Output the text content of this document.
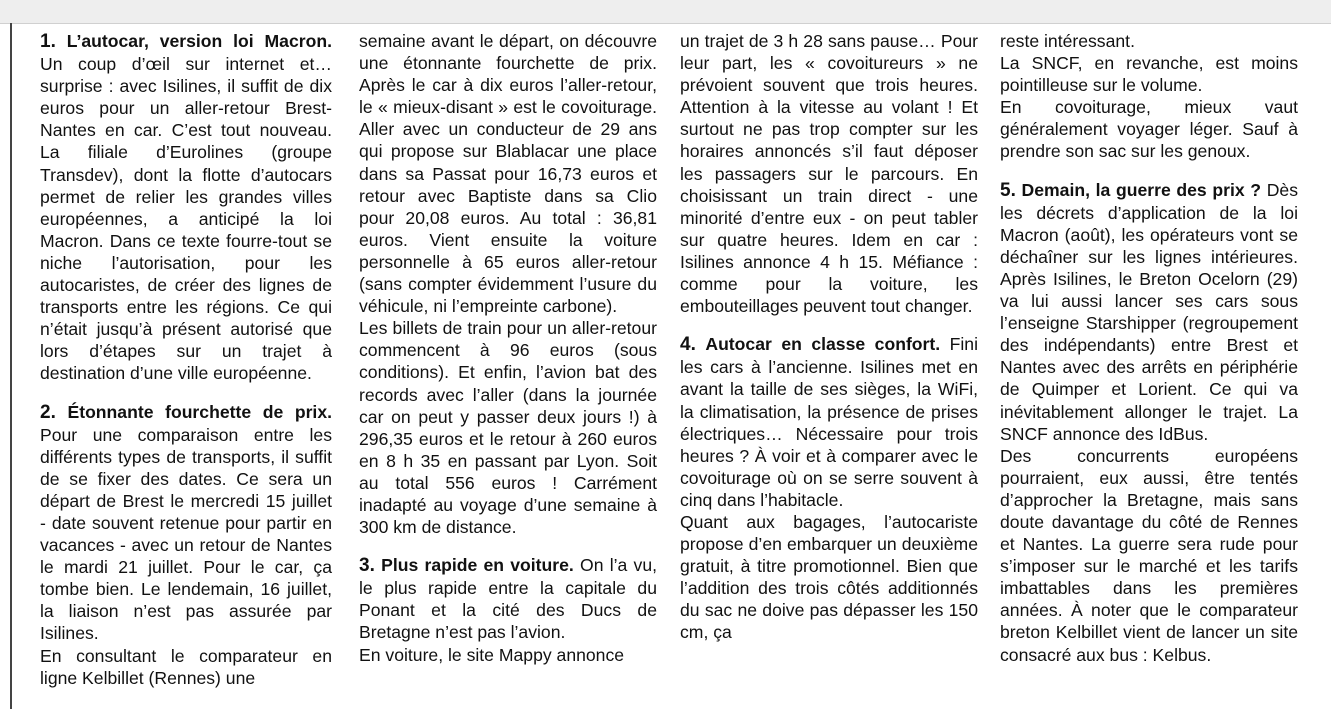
1. L’autocar, version loi Macron. Un coup d’œil sur internet et… surprise : avec Isilines, il suffit de dix euros pour un aller-retour Brest-Nantes en car. C’est tout nouveau. La filiale d’Eurolines (groupe Transdev), dont la flotte d’autocars permet de relier les grandes villes européennes, a anticipé la loi Macron. Dans ce texte fourre-tout se niche l’autorisation, pour les autocaristes, de créer des lignes de transports entre les régions. Ce qui n’était jusqu’à présent autorisé que lors d’étapes sur un trajet à destination d’une ville européenne.

2. Étonnante fourchette de prix. Pour une comparaison entre les différents types de transports, il suffit de se fixer des dates. Ce sera un départ de Brest le mercredi 15 juillet - date souvent retenue pour partir en vacances - avec un retour de Nantes le mardi 21 juillet. Pour le car, ça tombe bien. Le lendemain, 16 juillet, la liaison n’est pas assurée par Isilines.

En consultant le comparateur en ligne Kelbillet (Rennes) une

semaine avant le départ, on découvre une étonnante fourchette de prix. Après le car à dix euros l’aller-retour, le « mieux-disant » est le covoiturage. Aller avec un conducteur de 29 ans qui propose sur Blablacar une place dans sa Passat pour 16,73 euros et retour avec Baptiste dans sa Clio pour 20,08 euros. Au total : 36,81 euros. Vient ensuite la voiture personnelle à 65 euros aller-retour (sans compter évidemment l’usure du véhicule, ni l’empreinte carbone).

Les billets de train pour un aller-retour commencent à 96 euros (sous conditions). Et enfin, l’avion bat des records avec l’aller (dans la journée car on peut y passer deux jours !) à 296,35 euros et le retour à 260 euros en 8 h 35 en passant par Lyon. Soit au total 556 euros ! Carrément inadapté au voyage d’une semaine à 300 km de distance.

3. Plus rapide en voiture. On l’a vu, le plus rapide entre la capitale du Ponant et la cité des Ducs de Bretagne n’est pas l’avion.

En voiture, le site Mappy annonce

un trajet de 3 h 28 sans pause… Pour leur part, les « covoitureurs » ne prévoient souvent que trois heures. Attention à la vitesse au volant ! Et surtout ne pas trop compter sur les horaires annoncés s’il faut déposer les passagers sur le parcours. En choisissant un train direct - une minorité d’entre eux - on peut tabler sur quatre heures. Idem en car : Isilines annonce 4 h 15. Méfiance : comme pour la voiture, les embouteillages peuvent tout changer.

4. Autocar en classe confort. Fini les cars à l’ancienne. Isilines met en avant la taille de ses sièges, la WiFi, la climatisation, la présence de prises électriques… Nécessaire pour trois heures ? À voir et à comparer avec le covoiturage où on se serre souvent à cinq dans l’habitacle.

Quant aux bagages, l’autocariste propose d’en embarquer un deuxième gratuit, à titre promotionnel. Bien que l’addition des trois côtés additionnés du sac ne doive pas dépasser les 150 cm, ça

reste intéressant.

La SNCF, en revanche, est moins pointilleuse sur le volume.

En covoiturage, mieux vaut généralement voyager léger. Sauf à prendre son sac sur les genoux.

5. Demain, la guerre des prix ? Dès les décrets d’application de la loi Macron (août), les opérateurs vont se déchaîner sur les lignes intérieures. Après Isilines, le Breton Ocelorn (29) va lui aussi lancer ses cars sous l’enseigne Starshipper (regroupement des indépendants) entre Brest et Nantes avec des arrêts en périphérie de Quimper et Lorient. Ce qui va inévitablement allonger le trajet. La SNCF annonce des IdBus.

Des concurrents européens pourraient, eux aussi, être tentés d’approcher la Bretagne, mais sans doute davantage du côté de Rennes et Nantes. La guerre sera rude pour s’imposer sur le marché et les tarifs imbattables dans les premières années. À noter que le comparateur breton Kelbillet vient de lancer un site consacré aux bus : Kelbus.
